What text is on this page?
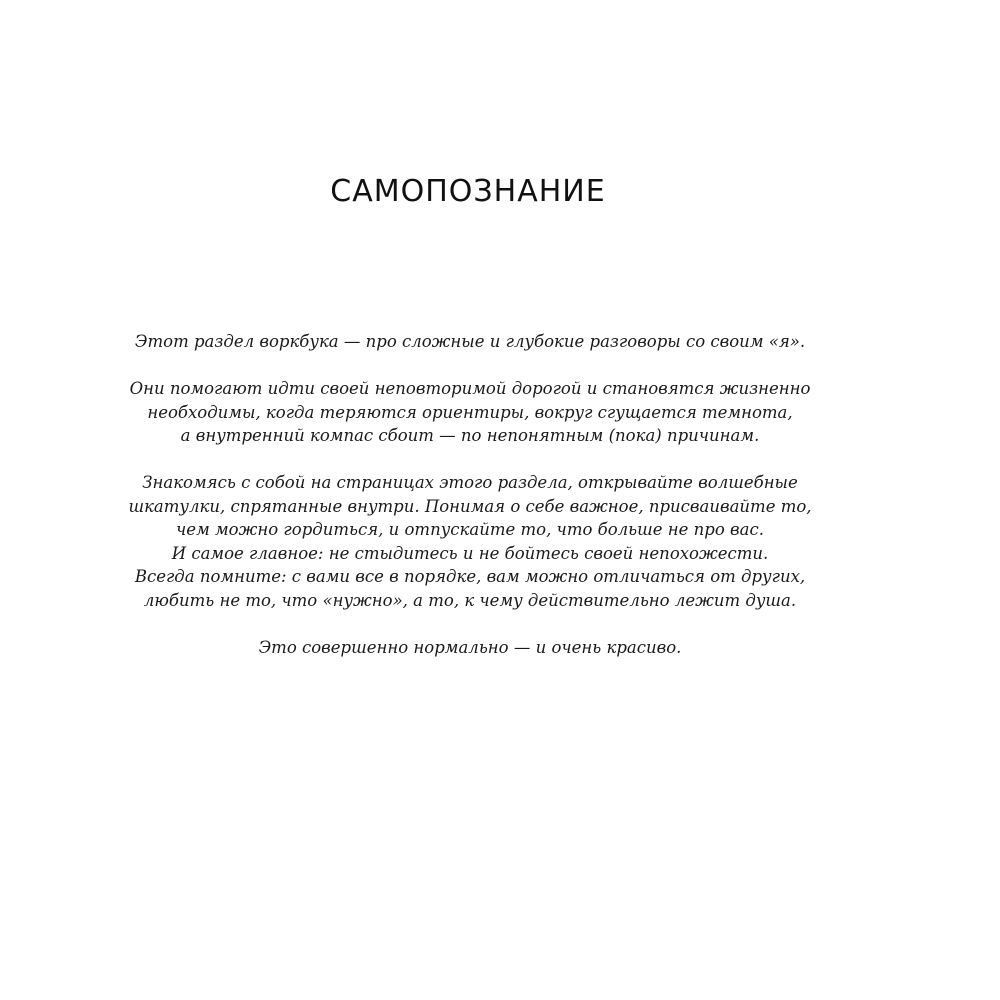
САМОПОЗНАНИЕ

Этот раздел воркбука — про сложные и глубокие разговоры со своим «я».

Они помогают идти своей неповторимой дорогой и становятся жизненно
необходимы, когда теряются ориентиры, вокруг сгущается темнота,
а внутренний компас сбоит — по непонятным (пока) причинам.

Знакомясь с собой на страницах этого раздела, открывайте волшебные
шкатулки, спрятанные внутри. Понимая о себе важное, присваивайте то,
чем можно гордиться, и отпускайте то, что больше не про вас.
И самое главное: не стыдитесь и не бойтесь своей непохожести.
Всегда помните: с вами все в порядке, вам можно отличаться от других,
любить не то, что «нужно», а то, к чему действительно лежит душа.

Это совершенно нормально — и очень красиво.
